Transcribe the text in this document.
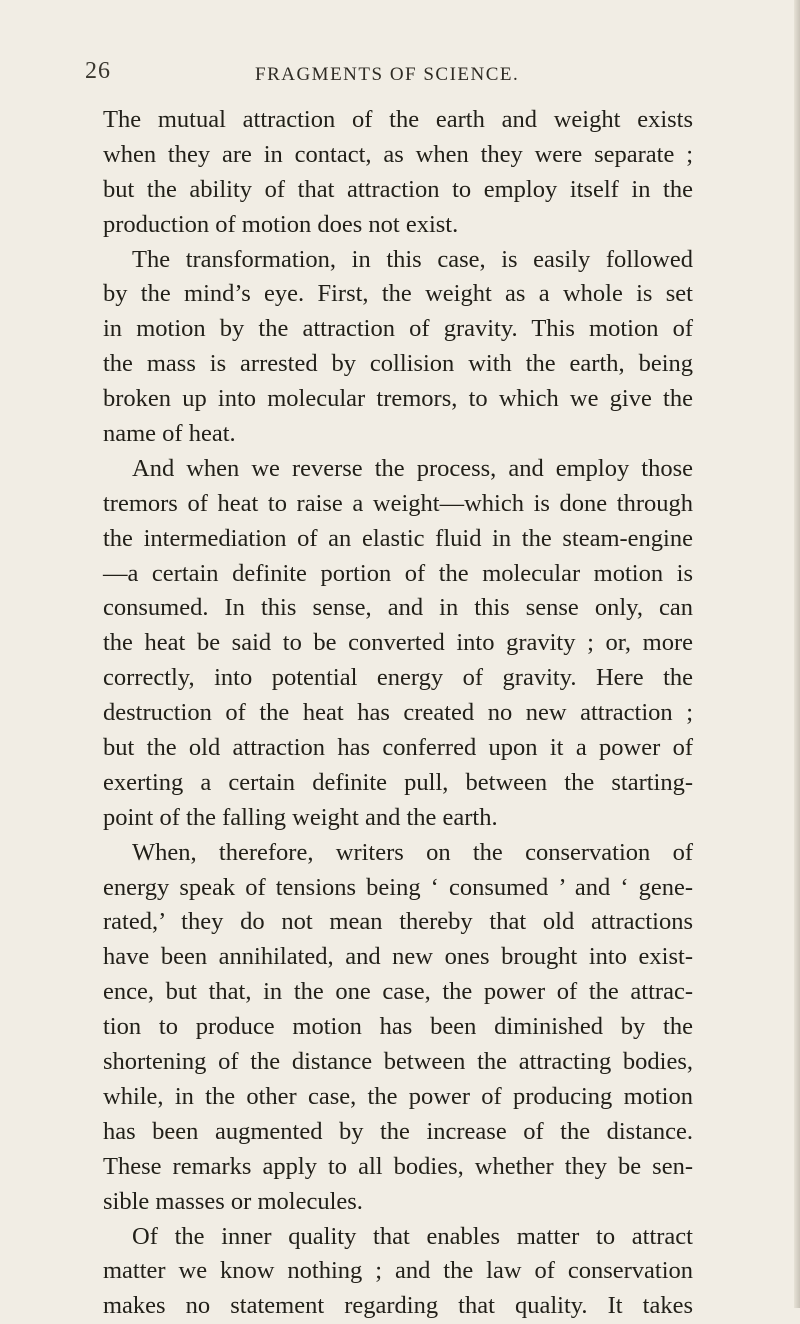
26	FRAGMENTS OF SCIENCE.
The mutual attraction of the earth and weight exists
when they are in contact, as when they were separate ;
but the ability of that attraction to employ itself in the
production of motion does not exist.
The transformation, in this case, is easily followed
by the mind’s eye. First, the weight as a whole is set
in motion by the attraction of gravity. This motion of
the mass is arrested by collision with the earth, being
broken up into molecular tremors, to which we give the
name of heat.
And when we reverse the process, and employ those
tremors of heat to raise a weight—which is done through
the intermediation of an elastic fluid in the steam-engine
—a certain definite portion of the molecular motion is
consumed. In this sense, and in this sense only, can
the heat be said to be converted into gravity ; or, more
correctly, into potential energy of gravity. Here the
destruction of the heat has created no new attraction ;
but the old attraction has conferred upon it a power of
exerting a certain definite pull, between the starting-
point of the falling weight and the earth.
When, therefore, writers on the conservation of
energy speak of tensions being ‘ consumed ’ and ‘ gene-
rated,’ they do not mean thereby that old attractions
have been annihilated, and new ones brought into exist-
ence, but that, in the one case, the power of the attrac-
tion to produce motion has been diminished by the
shortening of the distance between the attracting bodies,
while, in the other case, the power of producing motion
has been augmented by the increase of the distance.
These remarks apply to all bodies, whether they be sen-
sible masses or molecules.
Of the inner quality that enables matter to attract
matter we know nothing ; and the law of conservation
makes no statement regarding that quality. It takes
